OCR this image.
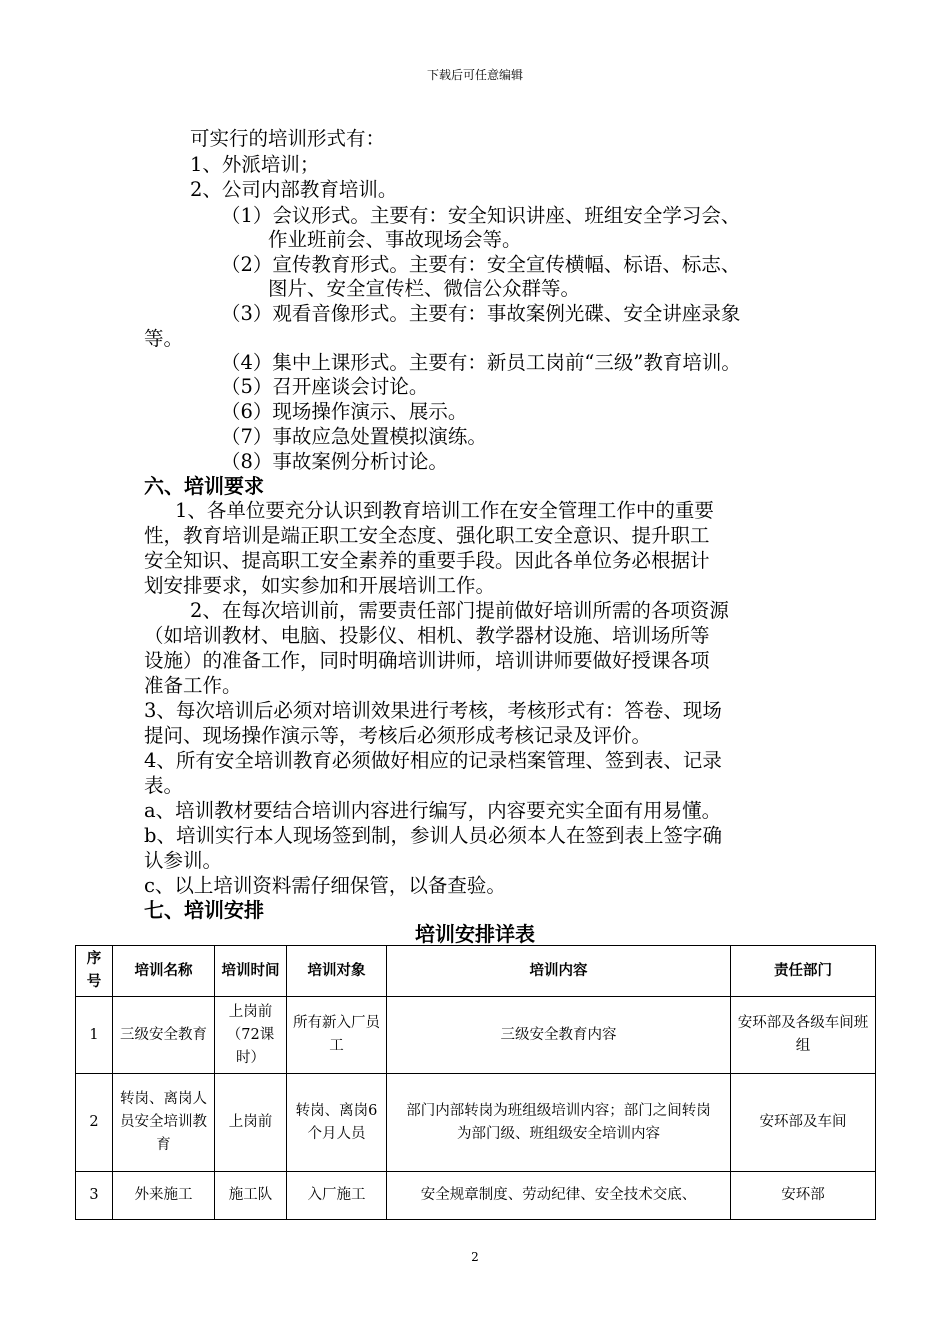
下载后可任意编辑
可实行的培训形式有：
1、外派培训；
2、公司内部教育培训。
（1）会议形式。主要有：安全知识讲座、班组安全学习会、
作业班前会、事故现场会等。
（2）宣传教育形式。主要有：安全宣传横幅、标语、标志、
图片、安全宣传栏、微信公众群等。
（3）观看音像形式。主要有：事故案例光碟、安全讲座录象
等。
（4）集中上课形式。主要有：新员工岗前“三级”教育培训。
（5）召开座谈会讨论。
（6）现场操作演示、展示。
（7）事故应急处置模拟演练。
（8）事故案例分析讨论。
六、培训要求
1、各单位要充分认识到教育培训工作在安全管理工作中的重要
性，教育培训是端正职工安全态度、强化职工安全意识、提升职工
安全知识、提高职工安全素养的重要手段。因此各单位务必根据计
划安排要求，如实参加和开展培训工作。
2、在每次培训前，需要责任部门提前做好培训所需的各项资源
（如培训教材、电脑、投影仪、相机、教学器材设施、培训场所等
设施）的准备工作，同时明确培训讲师，培训讲师要做好授课各项
准备工作。
3、每次培训后必须对培训效果进行考核，考核形式有：答卷、现场
提问、现场操作演示等，考核后必须形成考核记录及评价。
4、所有安全培训教育必须做好相应的记录档案管理、签到表、记录
表。
a、培训教材要结合培训内容进行编写，内容要充实全面有用易懂。
b、培训实行本人现场签到制，参训人员必须本人在签到表上签字确
认参训。
c、以上培训资料需仔细保管，以备查验。
七、培训安排
培训安排详表
序号	培训名称	培训时间	培训对象	培训内容	责任部门
1	三级安全教育	上岗前（72课时）	所有新入厂员工	三级安全教育内容	安环部及各级车间班组
2	转岗、离岗人员安全培训教育	上岗前	转岗、离岗6个月人员	部门内部转岗为班组级培训内容；部门之间转岗为部门级、班组级安全培训内容	安环部及车间
3	外来施工	施工队	入厂施工	安全规章制度、劳动纪律、安全技术交底、	安环部
2
